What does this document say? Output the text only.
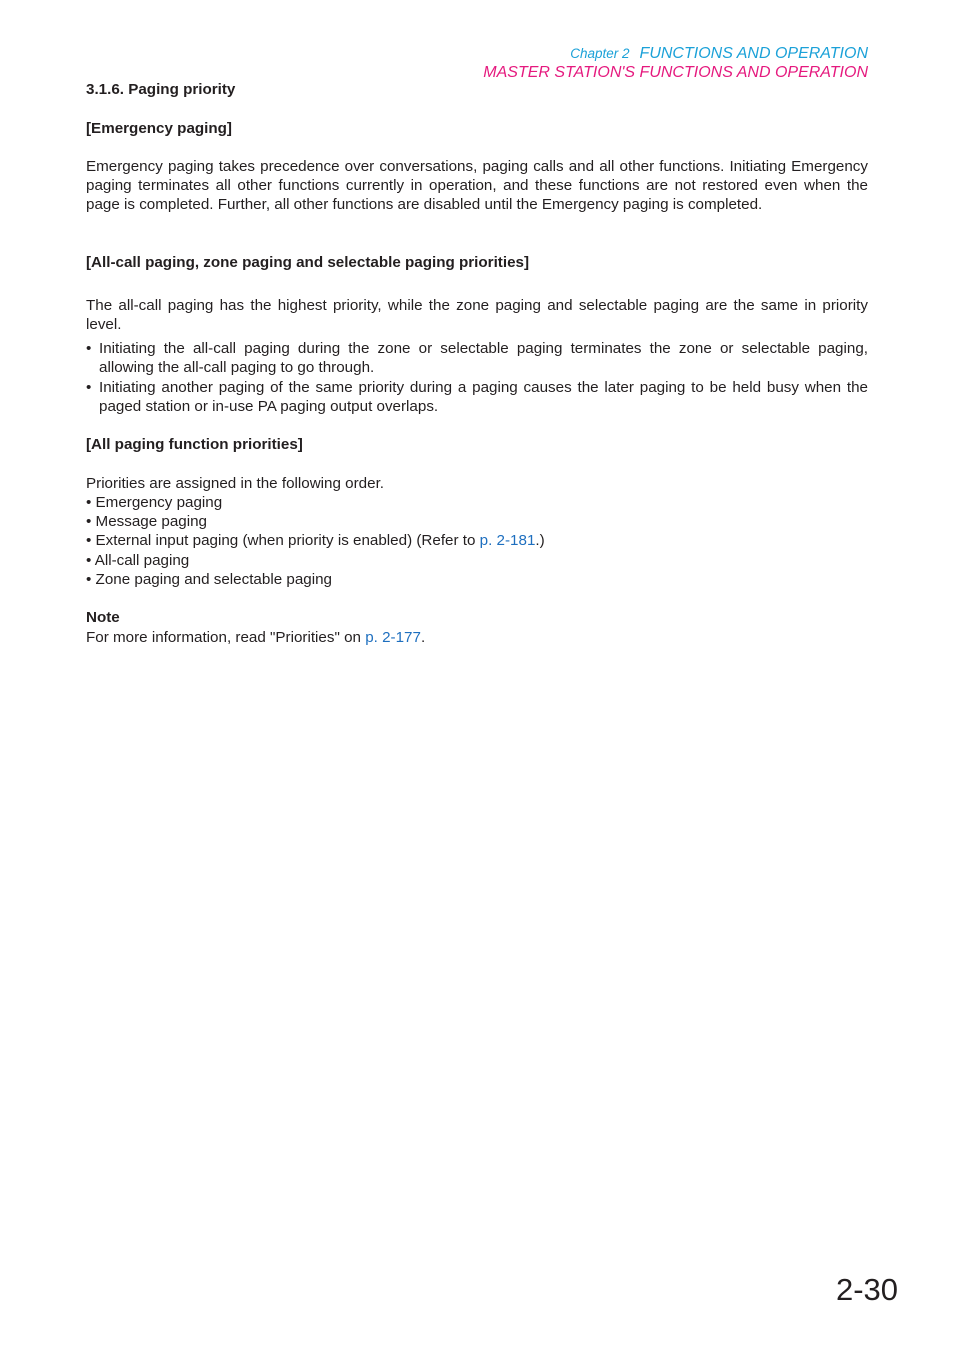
Chapter 2 FUNCTIONS AND OPERATION
MASTER STATION'S FUNCTIONS AND OPERATION
3.1.6. Paging priority
[Emergency paging]
Emergency paging takes precedence over conversations, paging calls and all other functions. Initiating Emergency paging terminates all other functions currently in operation, and these functions are not restored even when the page is completed. Further, all other functions are disabled until the Emergency paging is completed.
[All-call paging, zone paging and selectable paging priorities]
The all-call paging has the highest priority, while the zone paging and selectable paging are the same in priority level.
• Initiating the all-call paging during the zone or selectable paging terminates the zone or selectable paging, allowing the all-call paging to go through.
• Initiating another paging of the same priority during a paging causes the later paging to be held busy when the paged station or in-use PA paging output overlaps.
[All paging function priorities]
Priorities are assigned in the following order.
• Emergency paging
• Message paging
• External input paging (when priority is enabled) (Refer to p. 2-181.)
• All-call paging
• Zone paging and selectable paging
Note
For more information, read "Priorities" on p. 2-177.
2-30
